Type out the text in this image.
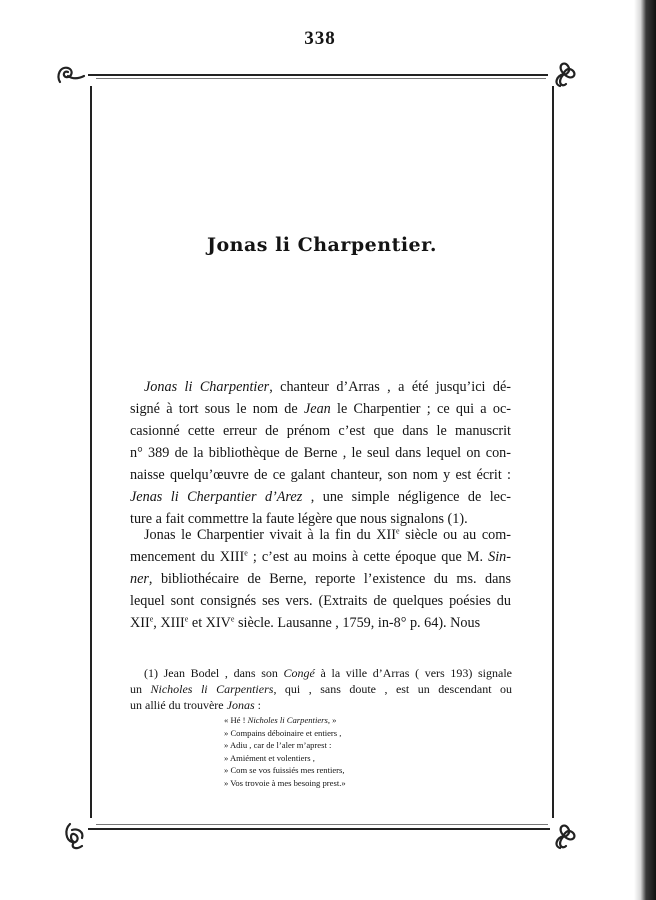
338
Jonas li Charpentier.
Jonas li Charpentier, chanteur d’Arras , a été jusqu’ici dé-
signé à tort sous le nom de Jean le Charpentier ; ce qui a oc-
casionné cette erreur de prénom c’est que dans le manuscrit
n° 389 de la bibliothèque de Berne , le seul dans lequel on con-
naisse quelqu’œuvre de ce galant chanteur, son nom y est écrit :
Jenas li Cherpantier d’Arez , une simple négligence de lec-
ture a fait commettre la faute légère que nous signalons (1).
Jonas le Charpentier vivait à la fin du XIIe siècle ou au com-
mencement du XIIIe ; c’est au moins à cette époque que M. Sin-
ner, bibliothécaire de Berne, reporte l’existence du ms. dans
lequel sont consignés ses vers. (Extraits de quelques poésies du
XIIe, XIIIe et XIVe siècle. Lausanne , 1759, in-8° p. 64). Nous
(1) Jean Bodel , dans son Congé à la ville d’Arras ( vers 193) signale
un Nicholes li Carpentiers, qui , sans doute , est un descendant ou
un allié du trouvère Jonas :
« Hé ! Nicholes li Carpentiers, »
» Compains déboinaire et entiers ,
» Adiu , car de l’aler m’aprest :
» Amiément et volentiers ,
» Com se vos fuissiés mes rentiers,
» Vos trovoie à mes besoing prest.»
